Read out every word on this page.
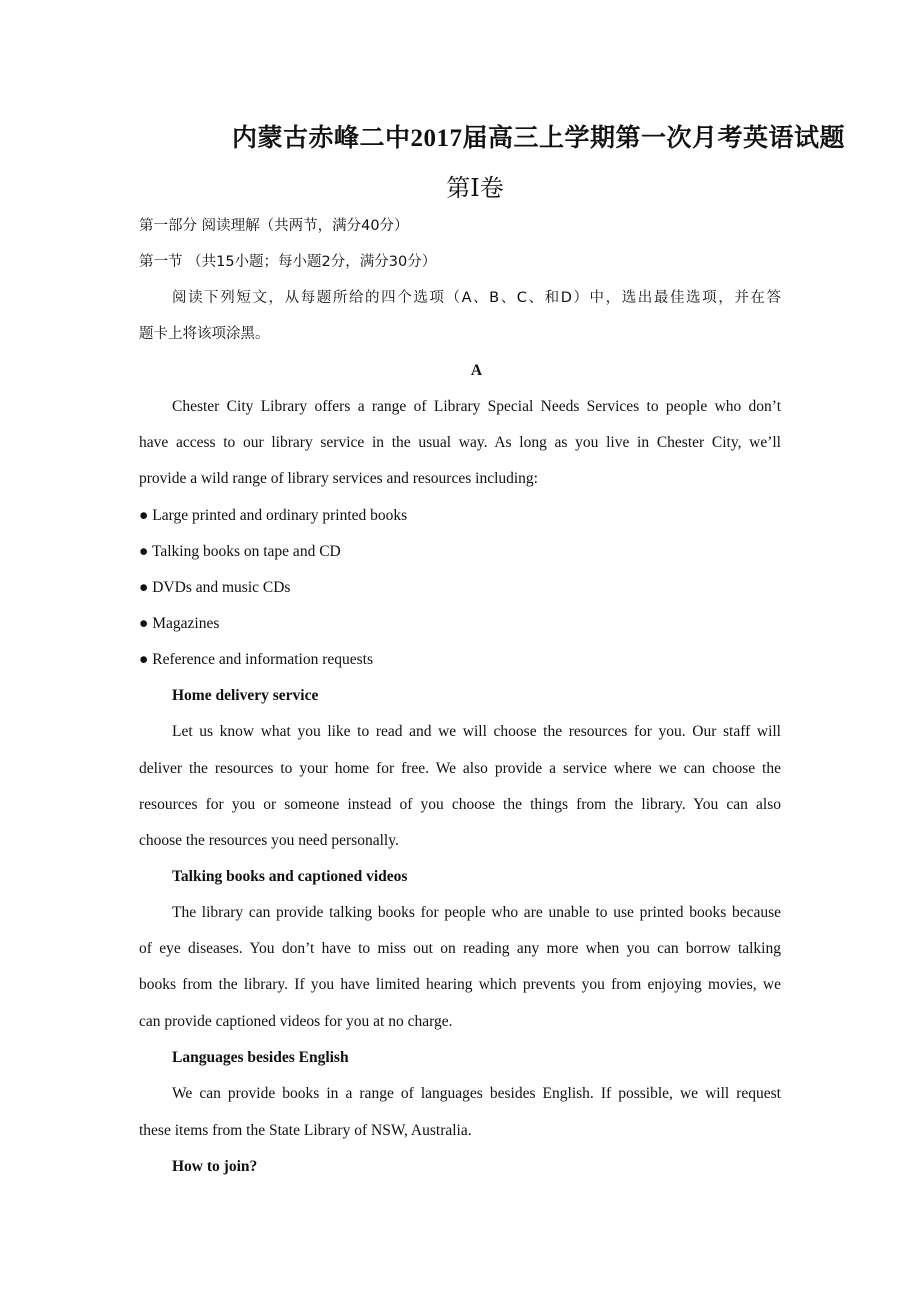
内蒙古赤峰二中2017届高三上学期第一次月考英语试题
第Ⅰ卷
第一部分 阅读理解（共两节，满分40分）
第一节 （共15小题；每小题2分，满分30分）
阅读下列短文，从每题所给的四个选项（A、B、C、和D）中，选出最佳选项，并在答
题卡上将该项涂黑。
A
Chester City Library offers a range of Library Special Needs Services to people who don’t
have access to our library service in the usual way. As long as you live in Chester City, we’ll
provide a wild range of library services and resources including:
● Large printed and ordinary printed books
● Talking books on tape and CD
● DVDs and music CDs
● Magazines
● Reference and information requests
Home delivery service
Let us know what you like to read and we will choose the resources for you. Our staff will
deliver the resources to your home for free. We also provide a service where we can choose the
resources for you or someone instead of you choose the things from the library. You can also
choose the resources you need personally.
Talking books and captioned videos
The library can provide talking books for people who are unable to use printed books because
of eye diseases. You don’t have to miss out on reading any more when you can borrow talking
books from the library. If you have limited hearing which prevents you from enjoying movies, we
can provide captioned videos for you at no charge.
Languages besides English
We can provide books in a range of languages besides English. If possible, we will request
these items from the State Library of NSW, Australia.
How to join?
